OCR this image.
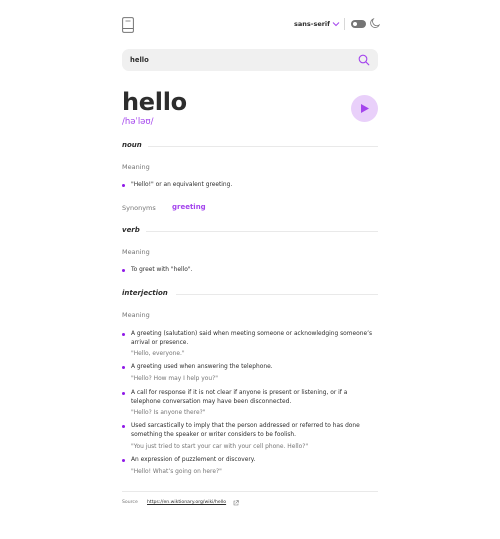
sans-serif
hello
hello
/həˈləʊ/
noun
Meaning
"Hello!" or an equivalent greeting.
Synonyms greeting
verb
Meaning
To greet with "hello".
interjection
Meaning
A greeting (salutation) said when meeting someone or acknowledging someone’s arrival or presence.
"Hello, everyone."
A greeting used when answering the telephone.
"Hello? How may I help you?"
A call for response if it is not clear if anyone is present or listening, or if a telephone conversation may have been disconnected.
"Hello? Is anyone there?"
Used sarcastically to imply that the person addressed or referred to has done something the speaker or writer considers to be foolish.
"You just tried to start your car with your cell phone. Hello?"
An expression of puzzlement or discovery.
"Hello! What’s going on here?"
Source https://en.wiktionary.org/wiki/hello
